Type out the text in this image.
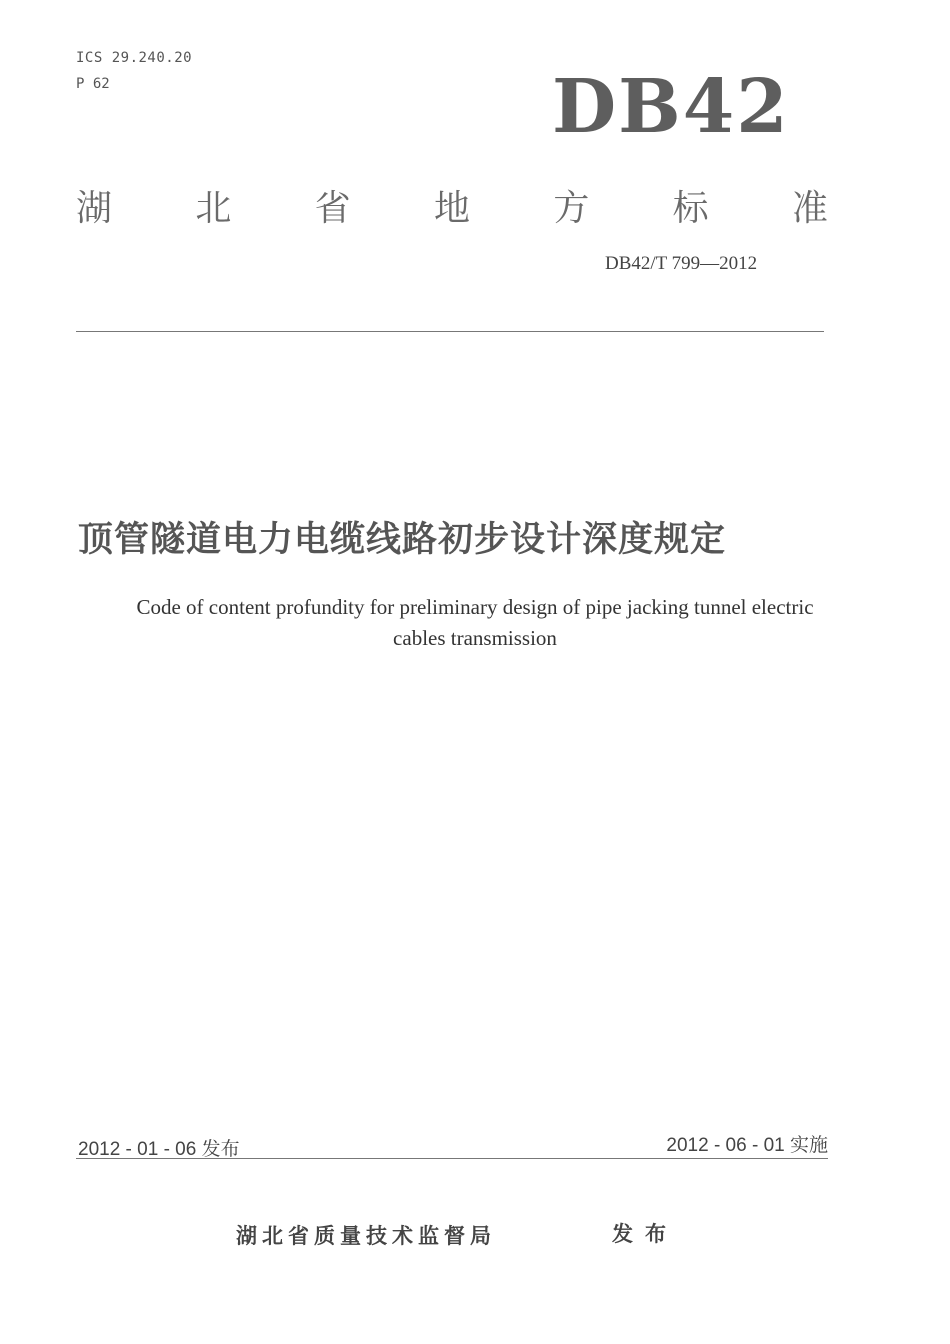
ICS 29.240.20
P 62	DB42
湖 北 省 地 方 标 准
DB42/T 799—2012
顶管隧道电力电缆线路初步设计深度规定
Code of content profundity for preliminary design of pipe jacking tunnel electric
cables transmission
2012 - 01 - 06 发布	2012 - 06 - 01 实施
湖北省质量技术监督局	发布
